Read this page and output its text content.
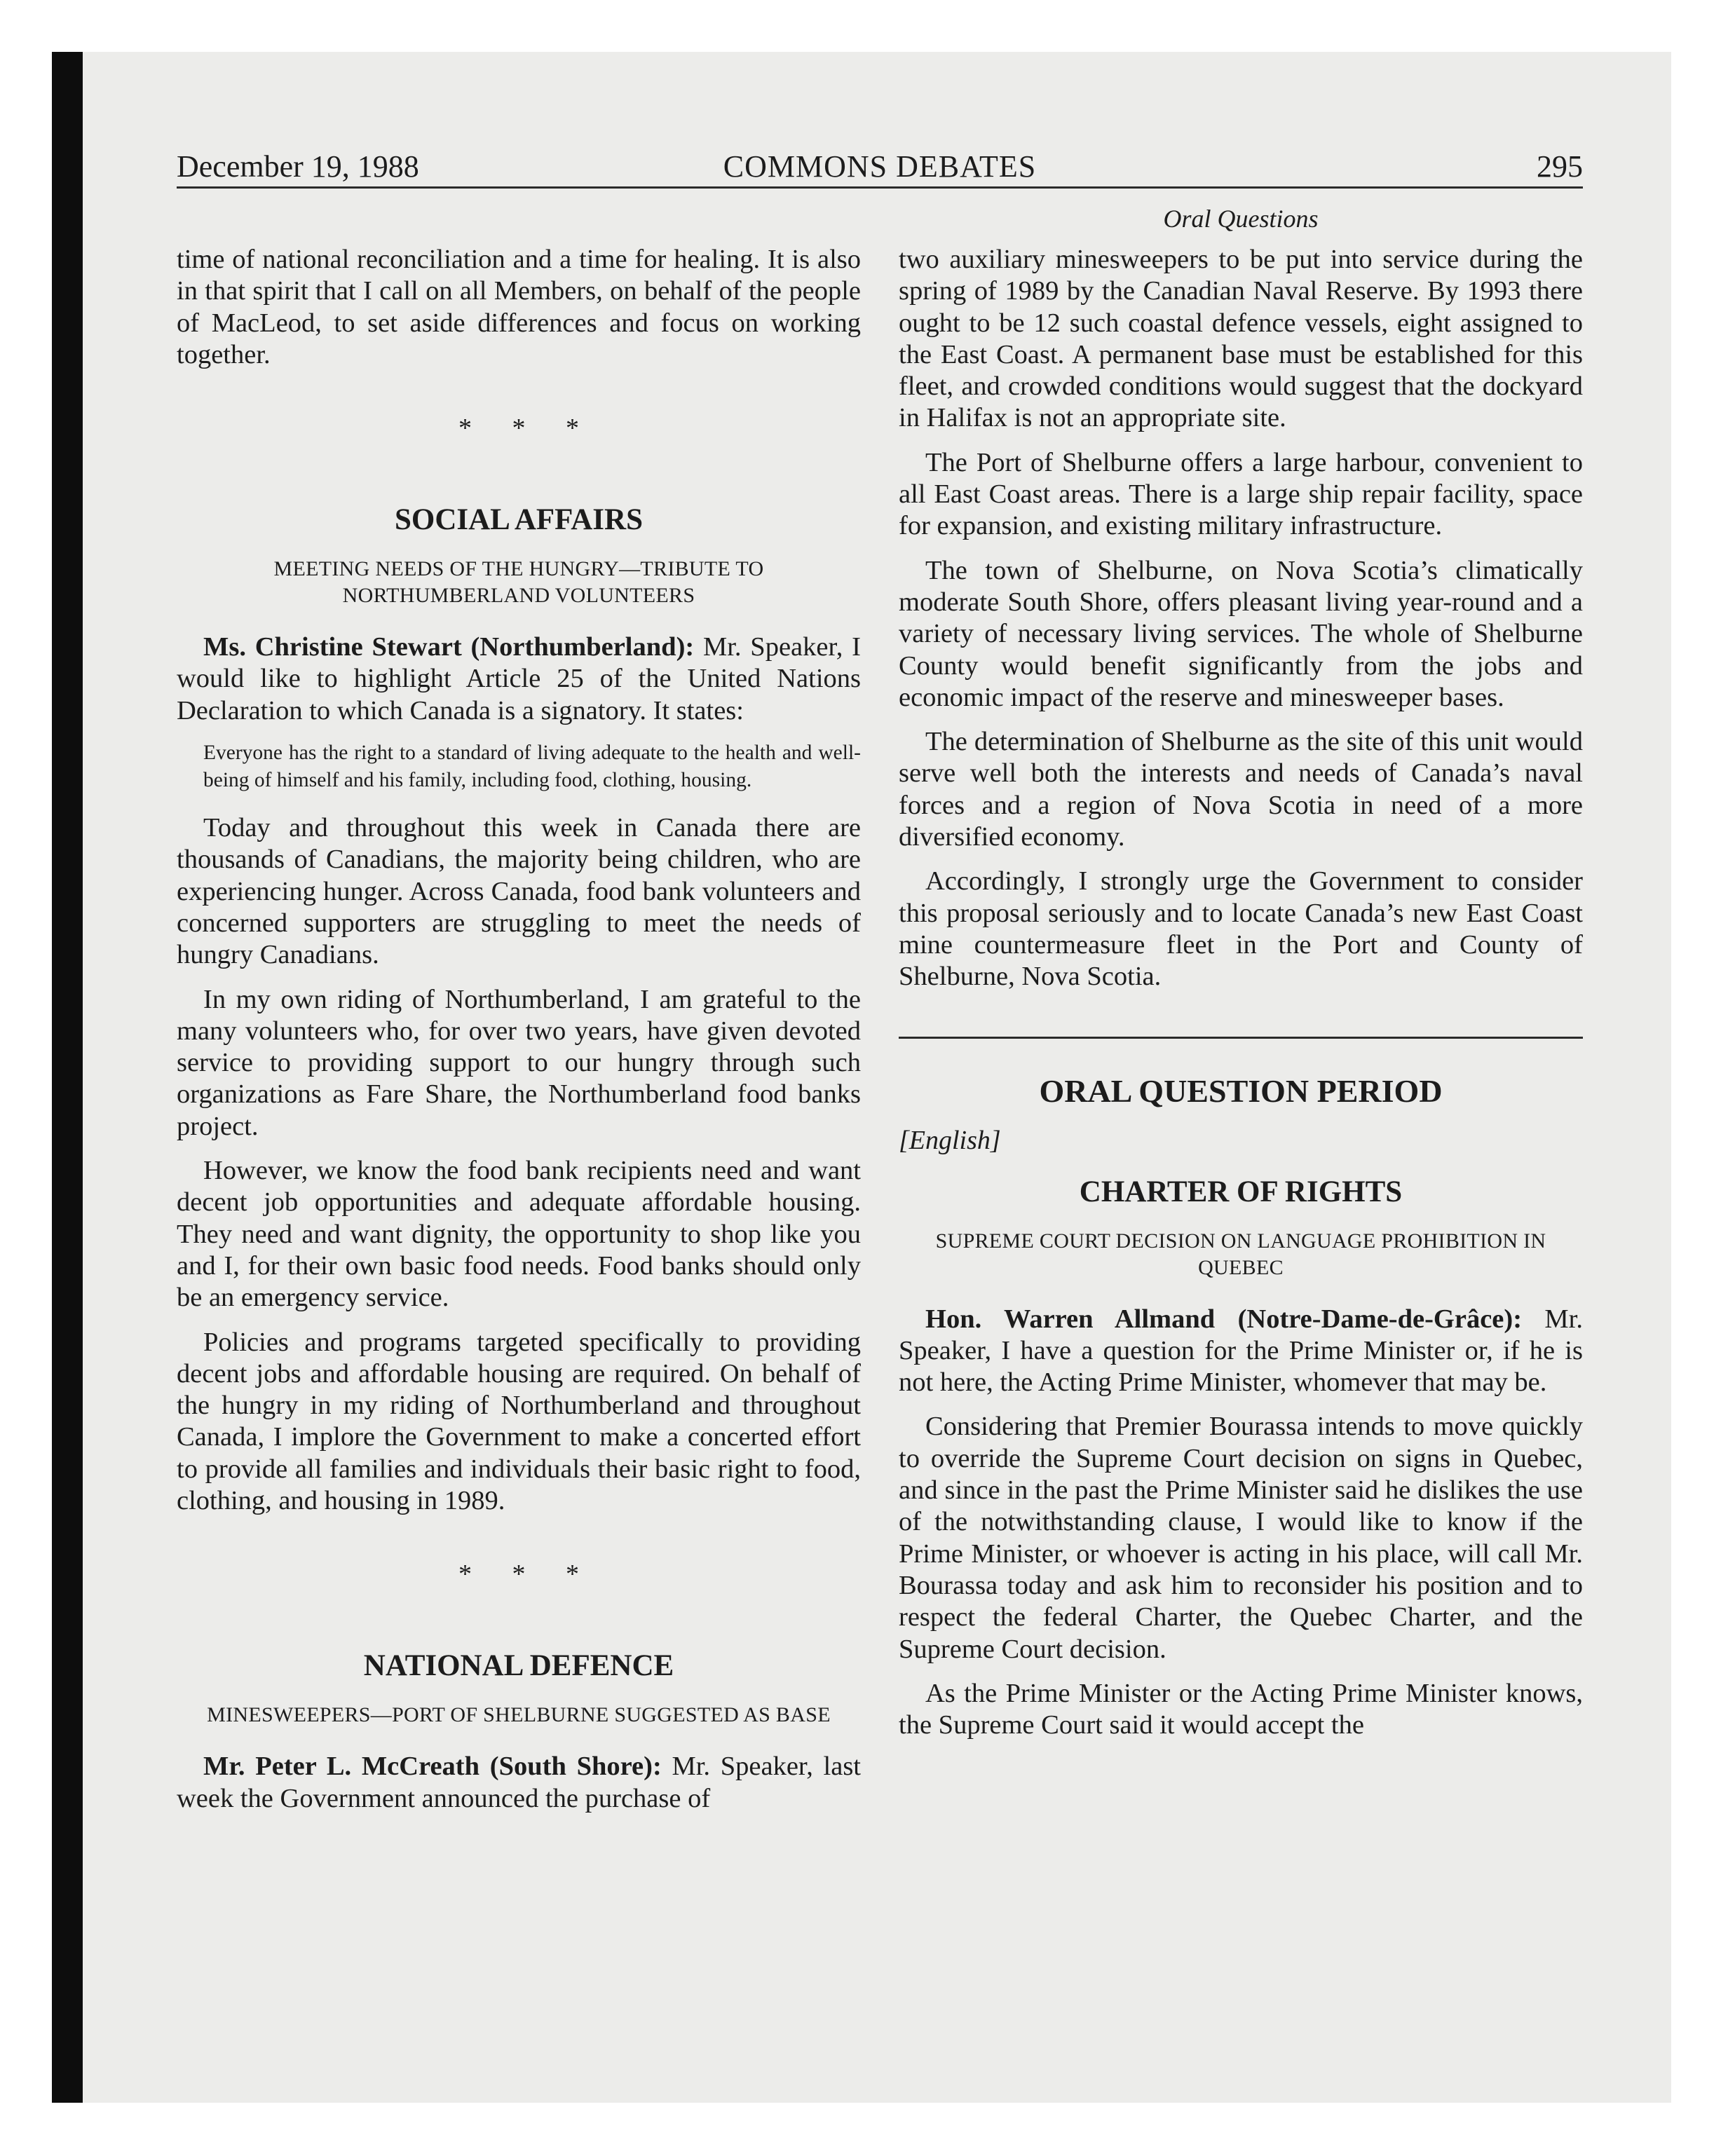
December 19, 1988	COMMONS DEBATES	295
Oral Questions

time of national reconciliation and a time for healing. It is also in that spirit that I call on all Members, on behalf of the people of MacLeod, to set aside differences and focus on working together.

* * *
SOCIAL AFFAIRS
MEETING NEEDS OF THE HUNGRY—TRIBUTE TO NORTHUMBERLAND VOLUNTEERS

Ms. Christine Stewart (Northumberland): Mr. Speaker, I would like to highlight Article 25 of the United Nations Declaration to which Canada is a signatory. It states:

Everyone has the right to a standard of living adequate to the health and well-being of himself and his family, including food, clothing, housing.

Today and throughout this week in Canada there are thousands of Canadians, the majority being children, who are experiencing hunger. Across Canada, food bank volunteers and concerned supporters are struggling to meet the needs of hungry Canadians.

In my own riding of Northumberland, I am grateful to the many volunteers who, for over two years, have given devoted service to providing support to our hungry through such organizations as Fare Share, the Northumberland food banks project.

However, we know the food bank recipients need and want decent job opportunities and adequate affordable housing. They need and want dignity, the opportunity to shop like you and I, for their own basic food needs. Food banks should only be an emergency service.

Policies and programs targeted specifically to providing decent jobs and affordable housing are required. On behalf of the hungry in my riding of Northumberland and throughout Canada, I implore the Government to make a concerted effort to provide all families and individuals their basic right to food, clothing, and housing in 1989.

* * *
NATIONAL DEFENCE
MINESWEEPERS—PORT OF SHELBURNE SUGGESTED AS BASE

Mr. Peter L. McCreath (South Shore): Mr. Speaker, last week the Government announced the purchase of

two auxiliary minesweepers to be put into service during the spring of 1989 by the Canadian Naval Reserve. By 1993 there ought to be 12 such coastal defence vessels, eight assigned to the East Coast. A permanent base must be established for this fleet, and crowded conditions would suggest that the dockyard in Halifax is not an appropriate site.

The Port of Shelburne offers a large harbour, convenient to all East Coast areas. There is a large ship repair facility, space for expansion, and existing military infrastructure.

The town of Shelburne, on Nova Scotia’s climatically moderate South Shore, offers pleasant living year-round and a variety of necessary living services. The whole of Shelburne County would benefit significantly from the jobs and economic impact of the reserve and minesweeper bases.

The determination of Shelburne as the site of this unit would serve well both the interests and needs of Canada’s naval forces and a region of Nova Scotia in need of a more diversified economy.

Accordingly, I strongly urge the Government to consider this proposal seriously and to locate Canada’s new East Coast mine countermeasure fleet in the Port and County of Shelburne, Nova Scotia.

ORAL QUESTION PERIOD
[English]
CHARTER OF RIGHTS
SUPREME COURT DECISION ON LANGUAGE PROHIBITION IN QUEBEC

Hon. Warren Allmand (Notre-Dame-de-Grâce): Mr. Speaker, I have a question for the Prime Minister or, if he is not here, the Acting Prime Minister, whomever that may be.

Considering that Premier Bourassa intends to move quickly to override the Supreme Court decision on signs in Quebec, and since in the past the Prime Minister said he dislikes the use of the notwithstanding clause, I would like to know if the Prime Minister, or whoever is acting in his place, will call Mr. Bourassa today and ask him to reconsider his position and to respect the federal Charter, the Quebec Charter, and the Supreme Court decision.

As the Prime Minister or the Acting Prime Minister knows, the Supreme Court said it would accept the
